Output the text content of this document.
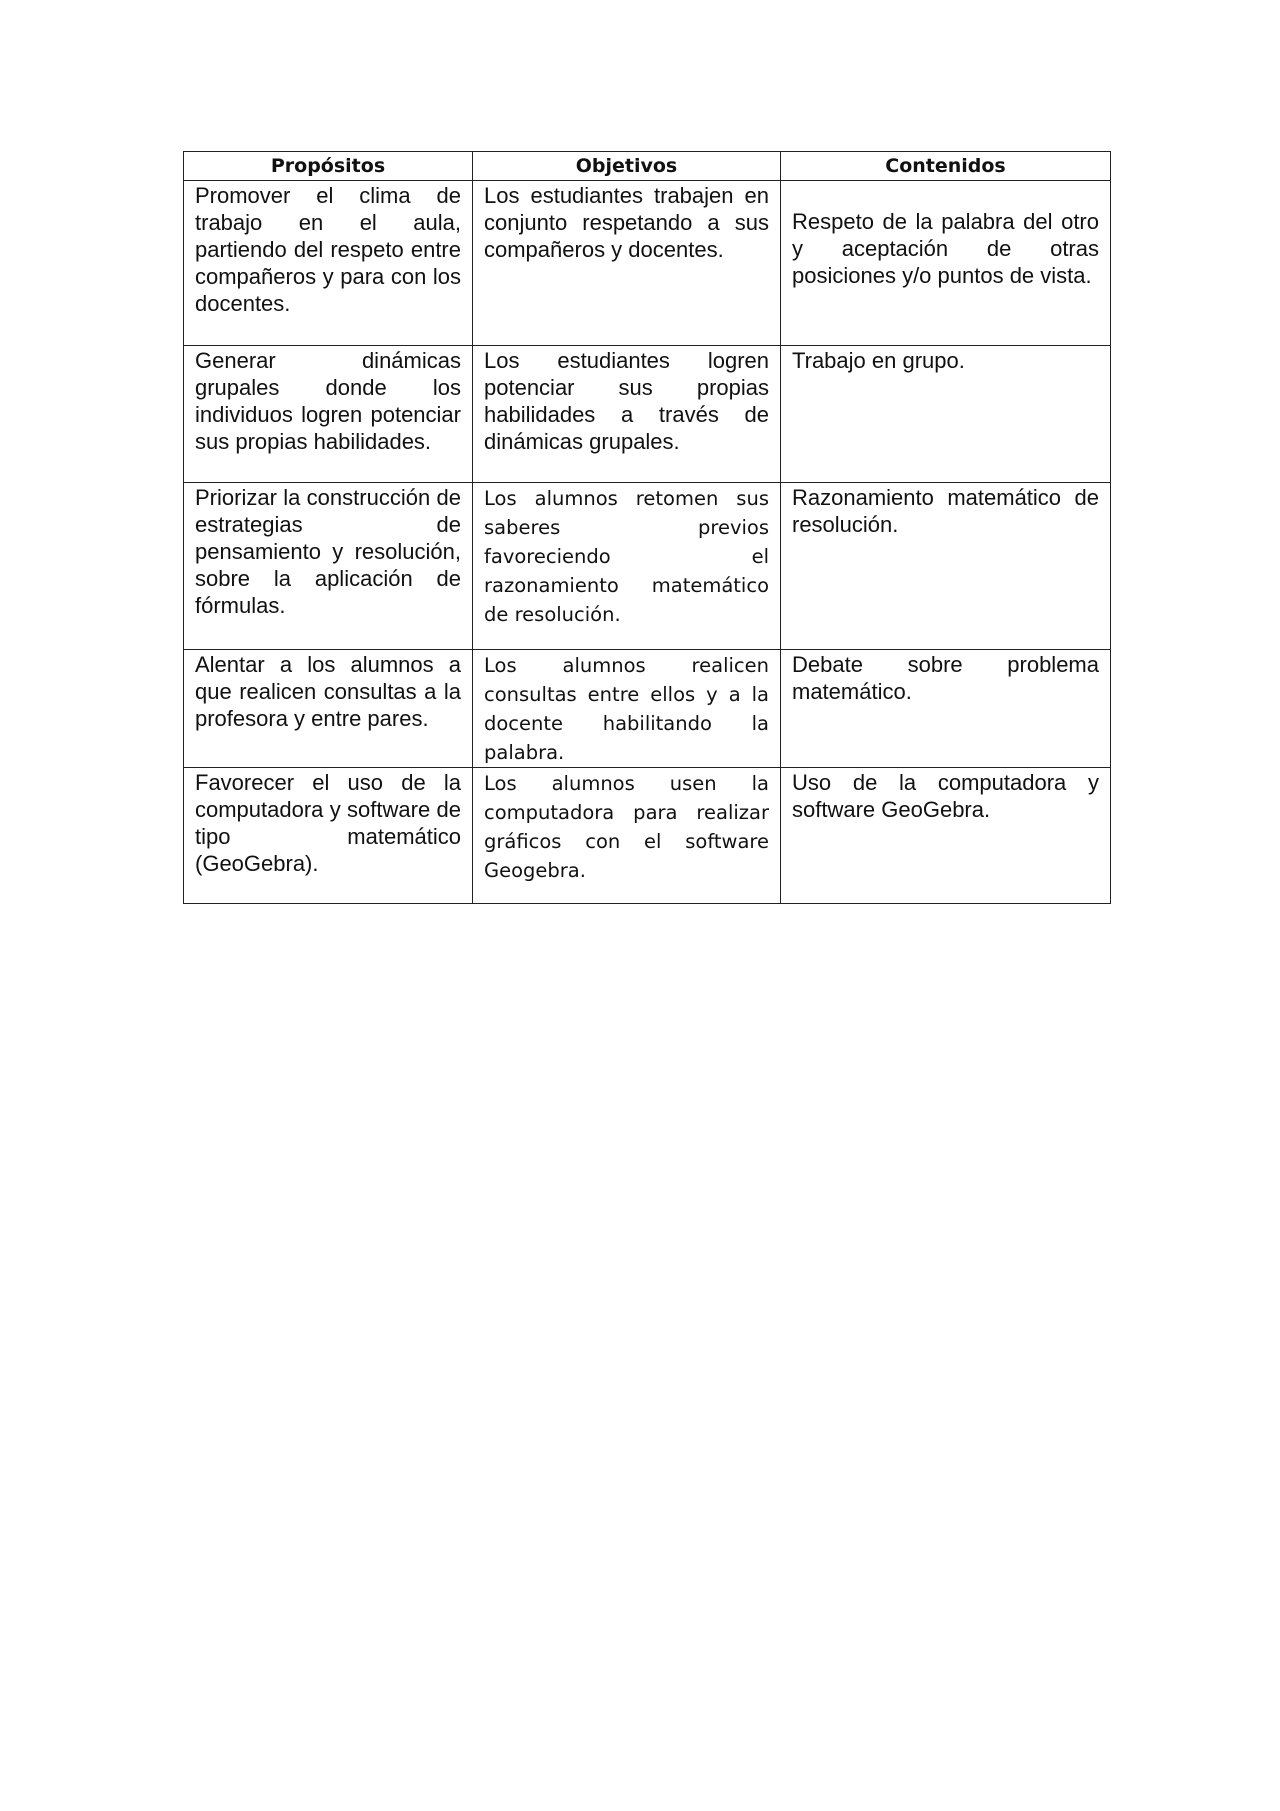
Propósitos	Objetivos	Contenidos
Promover el clima de trabajo en el aula, partiendo del respeto entre compañeros y para con los docentes.	Los estudiantes trabajen en conjunto respetando a sus compañeros y docentes.	Respeto de la palabra del otro y aceptación de otras posiciones y/o puntos de vista.
Generar dinámicas grupales donde los individuos logren potenciar sus propias habilidades.	Los estudiantes logren potenciar sus propias habilidades a través de dinámicas grupales.	Trabajo en grupo.
Priorizar la construcción de estrategias de pensamiento y resolución, sobre la aplicación de fórmulas.	Los alumnos retomen sus saberes previos favoreciendo el razonamiento matemático de resolución.	Razonamiento matemático de resolución.
Alentar a los alumnos a que realicen consultas a la profesora y entre pares.	Los alumnos realicen consultas entre ellos y a la docente habilitando la palabra.	Debate sobre problema matemático.
Favorecer el uso de la computadora y software de tipo matemático (GeoGebra).	Los alumnos usen la computadora para realizar gráficos con el software Geogebra.	Uso de la computadora y software GeoGebra.
